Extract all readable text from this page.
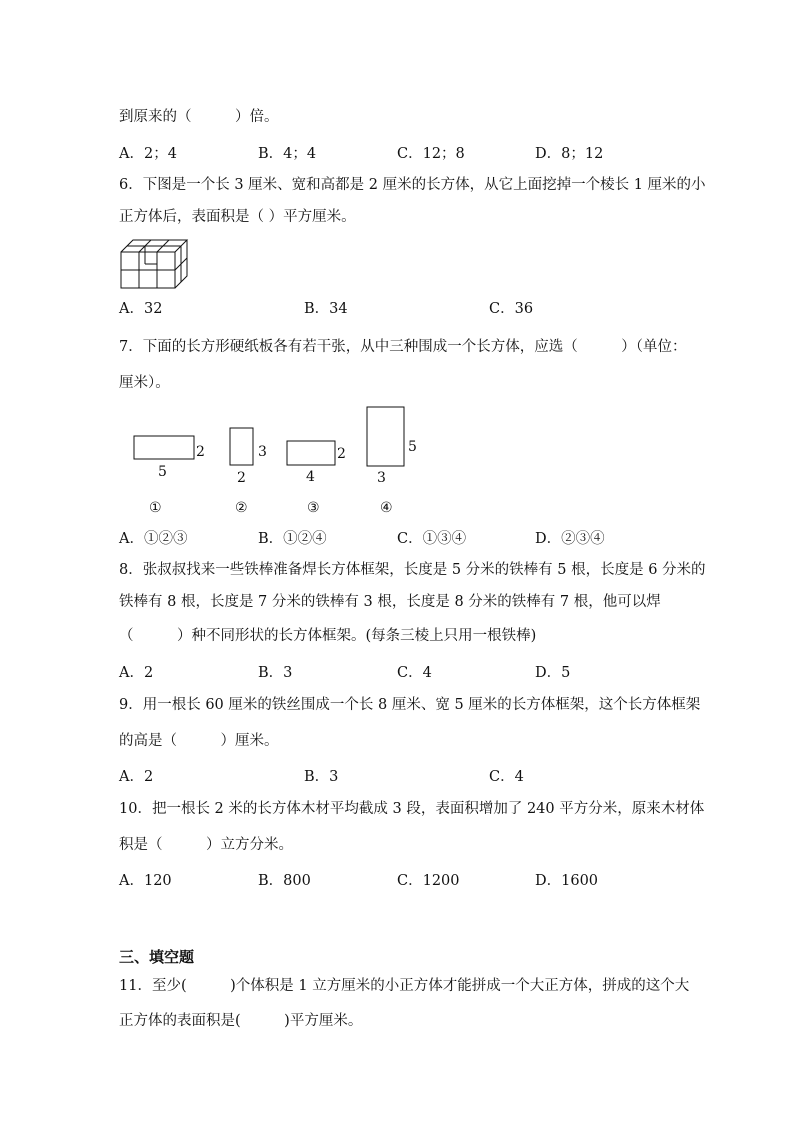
到原来的（　　　）倍。
A．2；4	B．4；4	C．12；8	D．8；12
6．下图是一个长 3 厘米、宽和高都是 2 厘米的长方体，从它上面挖掉一个棱长 1 厘米的小
正方体后，表面积是（ ）平方厘米。
A．32	B．34	C．36
7．下面的长方形硬纸板各有若干张，从中三种围成一个长方体，应选（　　　）（单位：
厘米）。
2
5
3
2
2
4
5
3
①	②	③	④
A．①②③	B．①②④	C．①③④	D．②③④
8．张叔叔找来一些铁棒准备焊长方体框架，长度是 5 分米的铁棒有 5 根，长度是 6 分米的
铁棒有 8 根，长度是 7 分米的铁棒有 3 根，长度是 8 分米的铁棒有 7 根，他可以焊
（　　　）种不同形状的长方体框架。(每条三棱上只用一根铁棒)
A．2	B．3	C．4	D．5
9．用一根长 60 厘米的铁丝围成一个长 8 厘米、宽 5 厘米的长方体框架，这个长方体框架
的高是（　　　）厘米。
A．2	B．3	C．4
10．把一根长 2 米的长方体木材平均截成 3 段，表面积增加了 240 平方分米，原来木材体
积是（　　　）立方分米。
A．120	B．800	C．1200	D．1600
三、填空题
11．至少(　　　)个体积是 1 立方厘米的小正方体才能拼成一个大正方体，拼成的这个大
正方体的表面积是(　　　)平方厘米。
